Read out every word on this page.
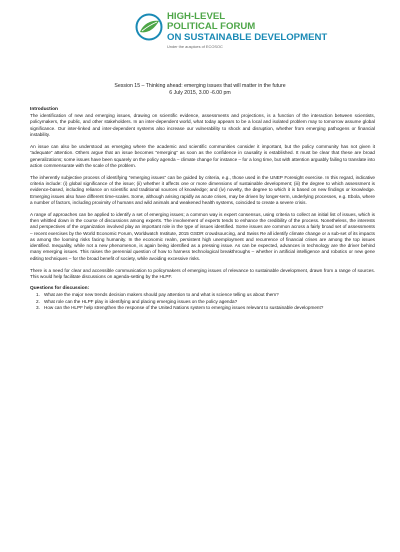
HIGH-LEVEL
POLITICAL FORUM
ON SUSTAINABLE DEVELOPMENT
Under the auspices of ECOSOC
Session 15 – Thinking ahead: emerging issues that will matter in the future
6 July 2015, 3.00 -6.00 pm

Introduction

The identification of new and emerging issues, drawing on scientific evidence, assessments and projections, is a function of the interaction between scientists, policymakers, the public, and other stakeholders. In an inter-dependent world, what today appears to be a local and isolated problem may to tomorrow assume global significance. Our inter-linked and inter-dependent systems also increase our vulnerability to shock and disruption, whether from emerging pathogens or financial instability.

An issue can also be understood as emerging where the academic and scientific communities consider it important, but the policy community has not given it “adequate” attention. Others argue that an issue becomes “emerging” as soon as the confidence in causality is established. It must be clear that these are broad generalizations; some issues have been squarely on the policy agenda – climate change for instance – for a long time, but with attention arguably failing to translate into action commensurate with the scale of the problem.

The inherently subjective process of identifying “emerging issues” can be guided by criteria, e.g., those used in the UNEP Foresight exercise. In this regard, indicative criteria include: (i) global significance of the issue; (ii) whether it affects one or more dimensions of sustainable development; (iii) the degree to which assessment is evidence-based, including reliance on scientific and traditional sources of knowledge; and (iv) novelty, the degree to which it is based on new findings or knowledge. Emerging issues also have different time-scales. Some, although arising rapidly as acute crises, may be driven by longer-term, underlying processes, e.g. Ebola, where a number of factors, including proximity of humans and wild animals and weakened health systems, coincided to create a severe crisis.

A range of approaches can be applied to identify a set of emerging issues; a common way is expert consensus, using criteria to collect an initial list of issues, which is then whittled down in the course of discussions among experts. The involvement of experts tends to enhance the credibility of the process. Nonetheless, the interests and perspectives of the organization involved play an important role in the type of issues identified. Some issues are common across a fairly broad set of assessments – recent exercises by the World Economic Forum, Worldwatch Institute, 2015 GSDR crowdsourcing, and Swiss Re all identify climate change or a sub-set of its impacts as among the looming risks facing humanity. In the economic realm, persistent high unemployment and recurrence of financial crises are among the top issues identified. Inequality, while not a new phenomenon, is again being identified as a pressing issue. As can be expected, advances in technology are the driver behind many emerging issues. This raises the perennial question of how to harness technological breakthroughs – whether in artificial intelligence and robotics or new gene editing techniques – for the broad benefit of society, while avoiding excessive risks.

There is a need for clear and accessible communication to policymakers of emerging issues of relevance to sustainable development, drawn from a range of sources. This would help facilitate discussions on agenda-setting by the HLPF.

Questions for discussion:

1. What are the major new trends decision makers should pay attention to and what is science telling us about them?
2. What role can the HLPF play in identifying and placing emerging issues on the policy agenda?
3. How can the HLPF help strengthen the response of the United Nations system to emerging issues relevant to sustainable development?
